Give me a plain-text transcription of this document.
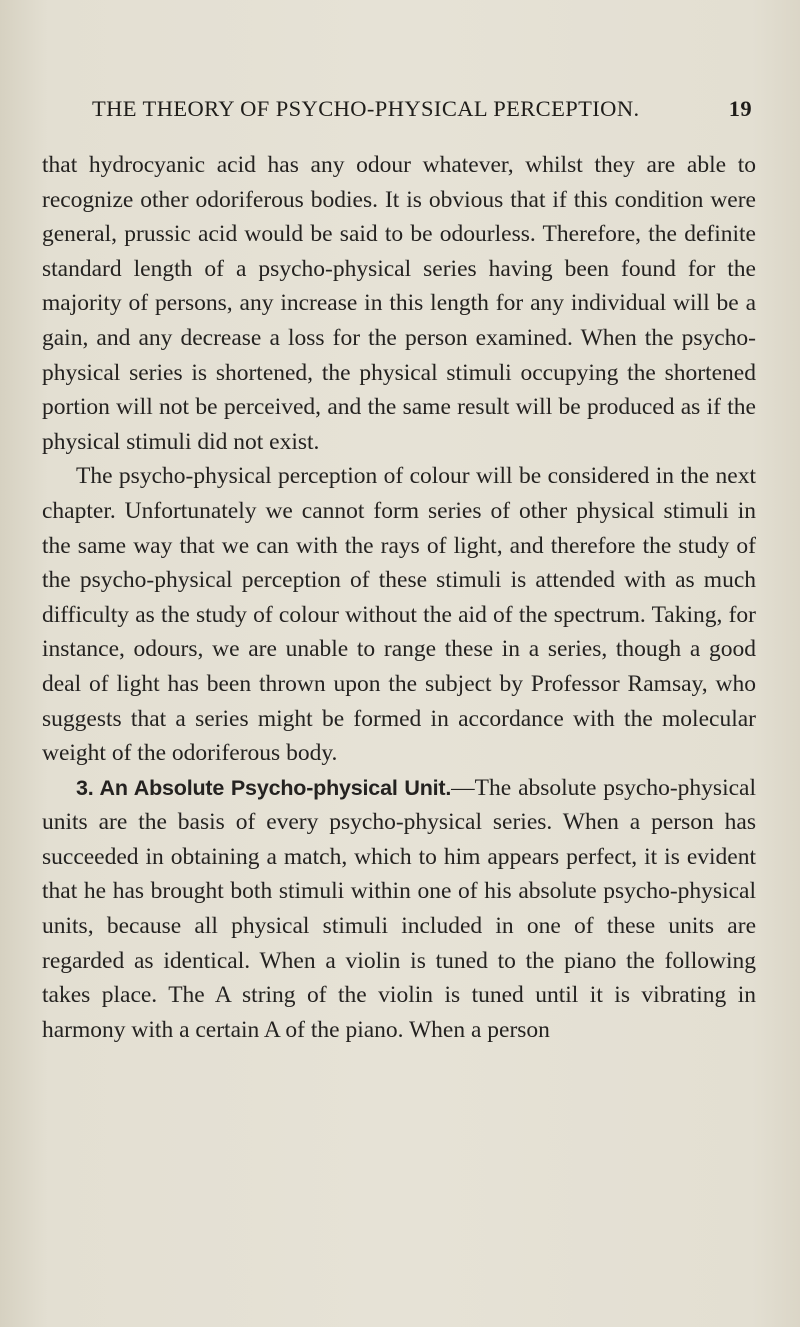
THE THEORY OF PSYCHO-PHYSICAL PERCEPTION.	19

that hydrocyanic acid has any odour whatever, whilst they are able to recognize other odoriferous bodies. It is obvious that if this condition were general, prussic acid would be said to be odourless. Therefore, the definite standard length of a psycho-physical series having been found for the majority of persons, any increase in this length for any individual will be a gain, and any decrease a loss for the person examined. When the psycho-physical series is shortened, the physical stimuli occupying the shortened portion will not be perceived, and the same result will be produced as if the physical stimuli did not exist.

The psycho-physical perception of colour will be considered in the next chapter. Unfortunately we cannot form series of other physical stimuli in the same way that we can with the rays of light, and therefore the study of the psycho-physical perception of these stimuli is attended with as much difficulty as the study of colour without the aid of the spectrum. Taking, for instance, odours, we are unable to range these in a series, though a good deal of light has been thrown upon the subject by Professor Ramsay, who suggests that a series might be formed in accordance with the molecular weight of the odoriferous body.

3. An Absolute Psycho-physical Unit.—The absolute psycho-physical units are the basis of every psycho-physical series. When a person has succeeded in obtaining a match, which to him appears perfect, it is evident that he has brought both stimuli within one of his absolute psycho-physical units, because all physical stimuli included in one of these units are regarded as identical. When a violin is tuned to the piano the following takes place. The A string of the violin is tuned until it is vibrating in harmony with a certain A of the piano. When a person
